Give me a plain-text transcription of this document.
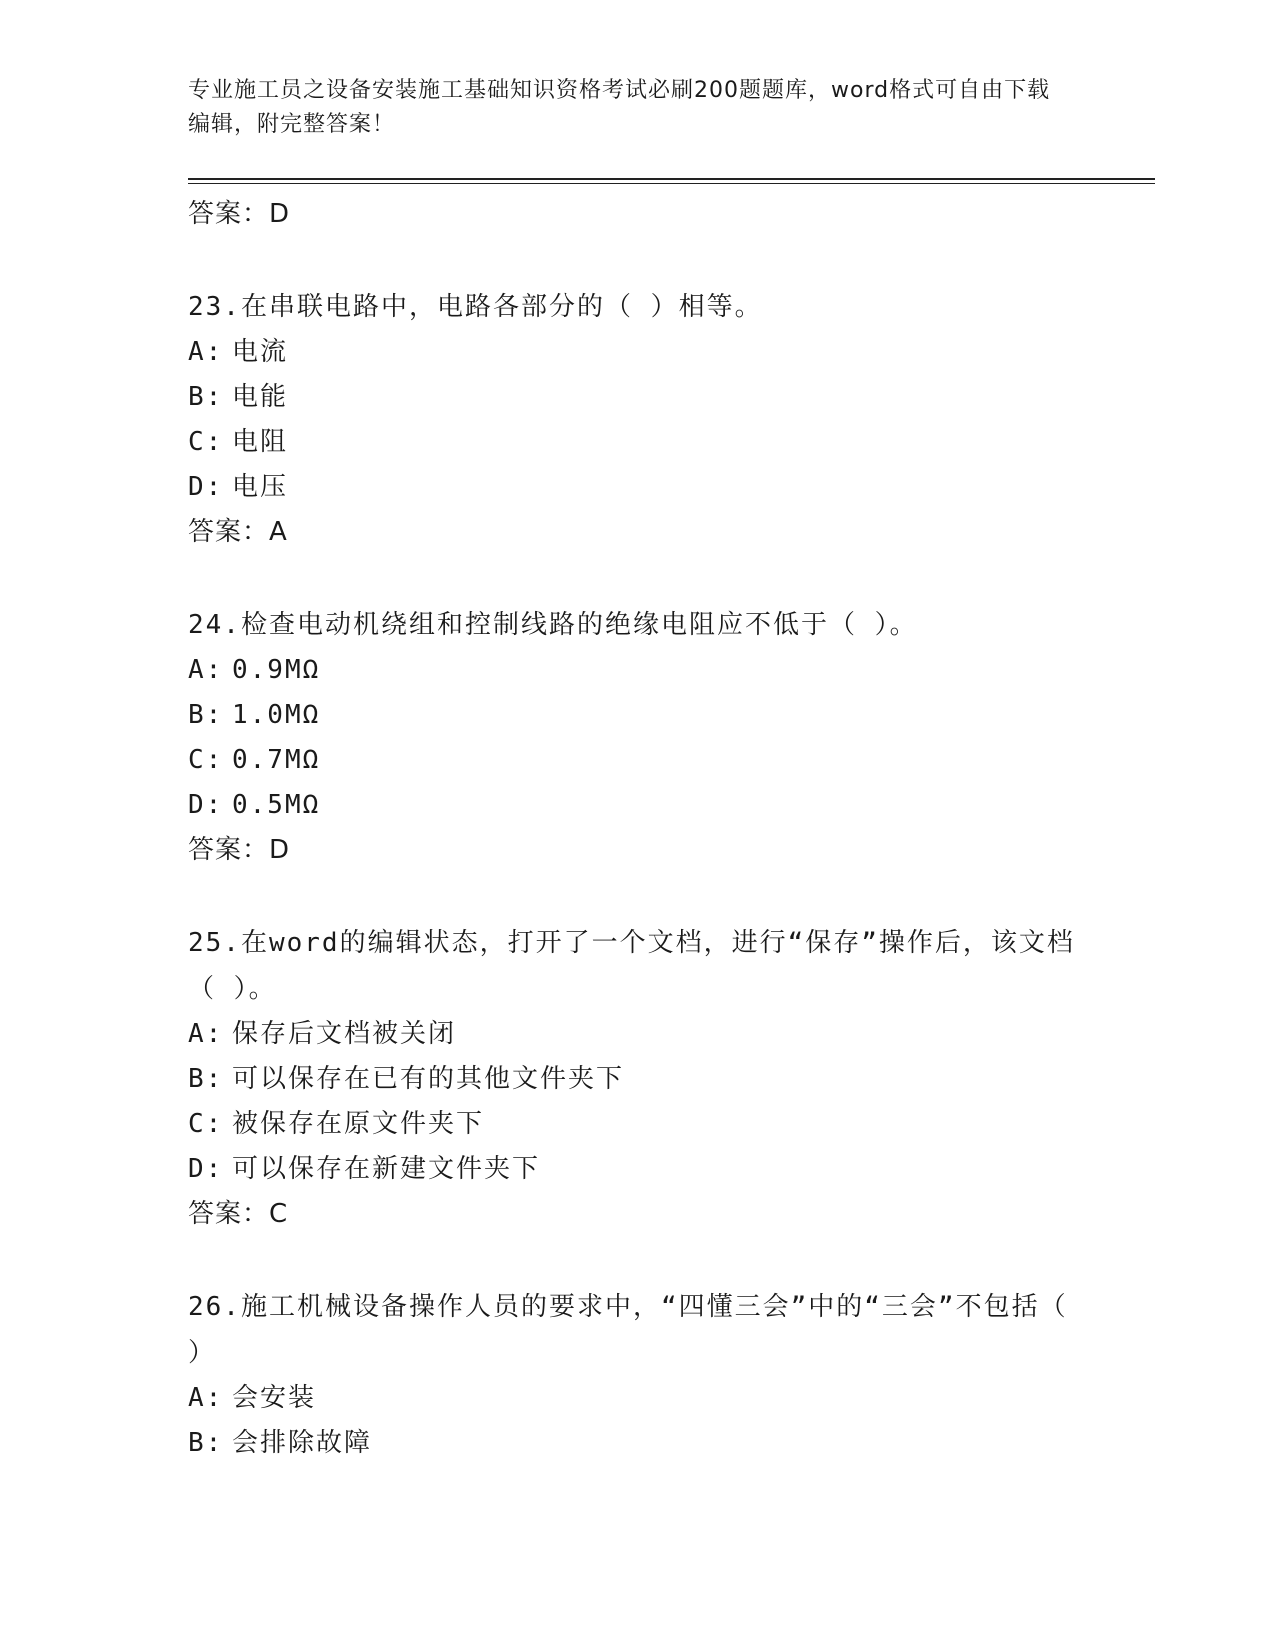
专业施工员之设备安装施工基础知识资格考试必刷200题题库，word格式可自由下载编辑，附完整答案！
答案：D
23.在串联电路中，电路各部分的（ ）相等。
A: 电流
B: 电能
C: 电阻
D: 电压
答案：A
24.检查电动机绕组和控制线路的绝缘电阻应不低于（ ）。
A: 0.9MΩ
B: 1.0MΩ
C: 0.7MΩ
D: 0.5MΩ
答案：D
25.在word的编辑状态，打开了一个文档，进行“保存”操作后，该文档（ ）。
A: 保存后文档被关闭
B: 可以保存在已有的其他文件夹下
C: 被保存在原文件夹下
D: 可以保存在新建文件夹下
答案：C
26.施工机械设备操作人员的要求中，“四懂三会”中的“三会”不包括（ ）
A: 会安装
B: 会排除故障
